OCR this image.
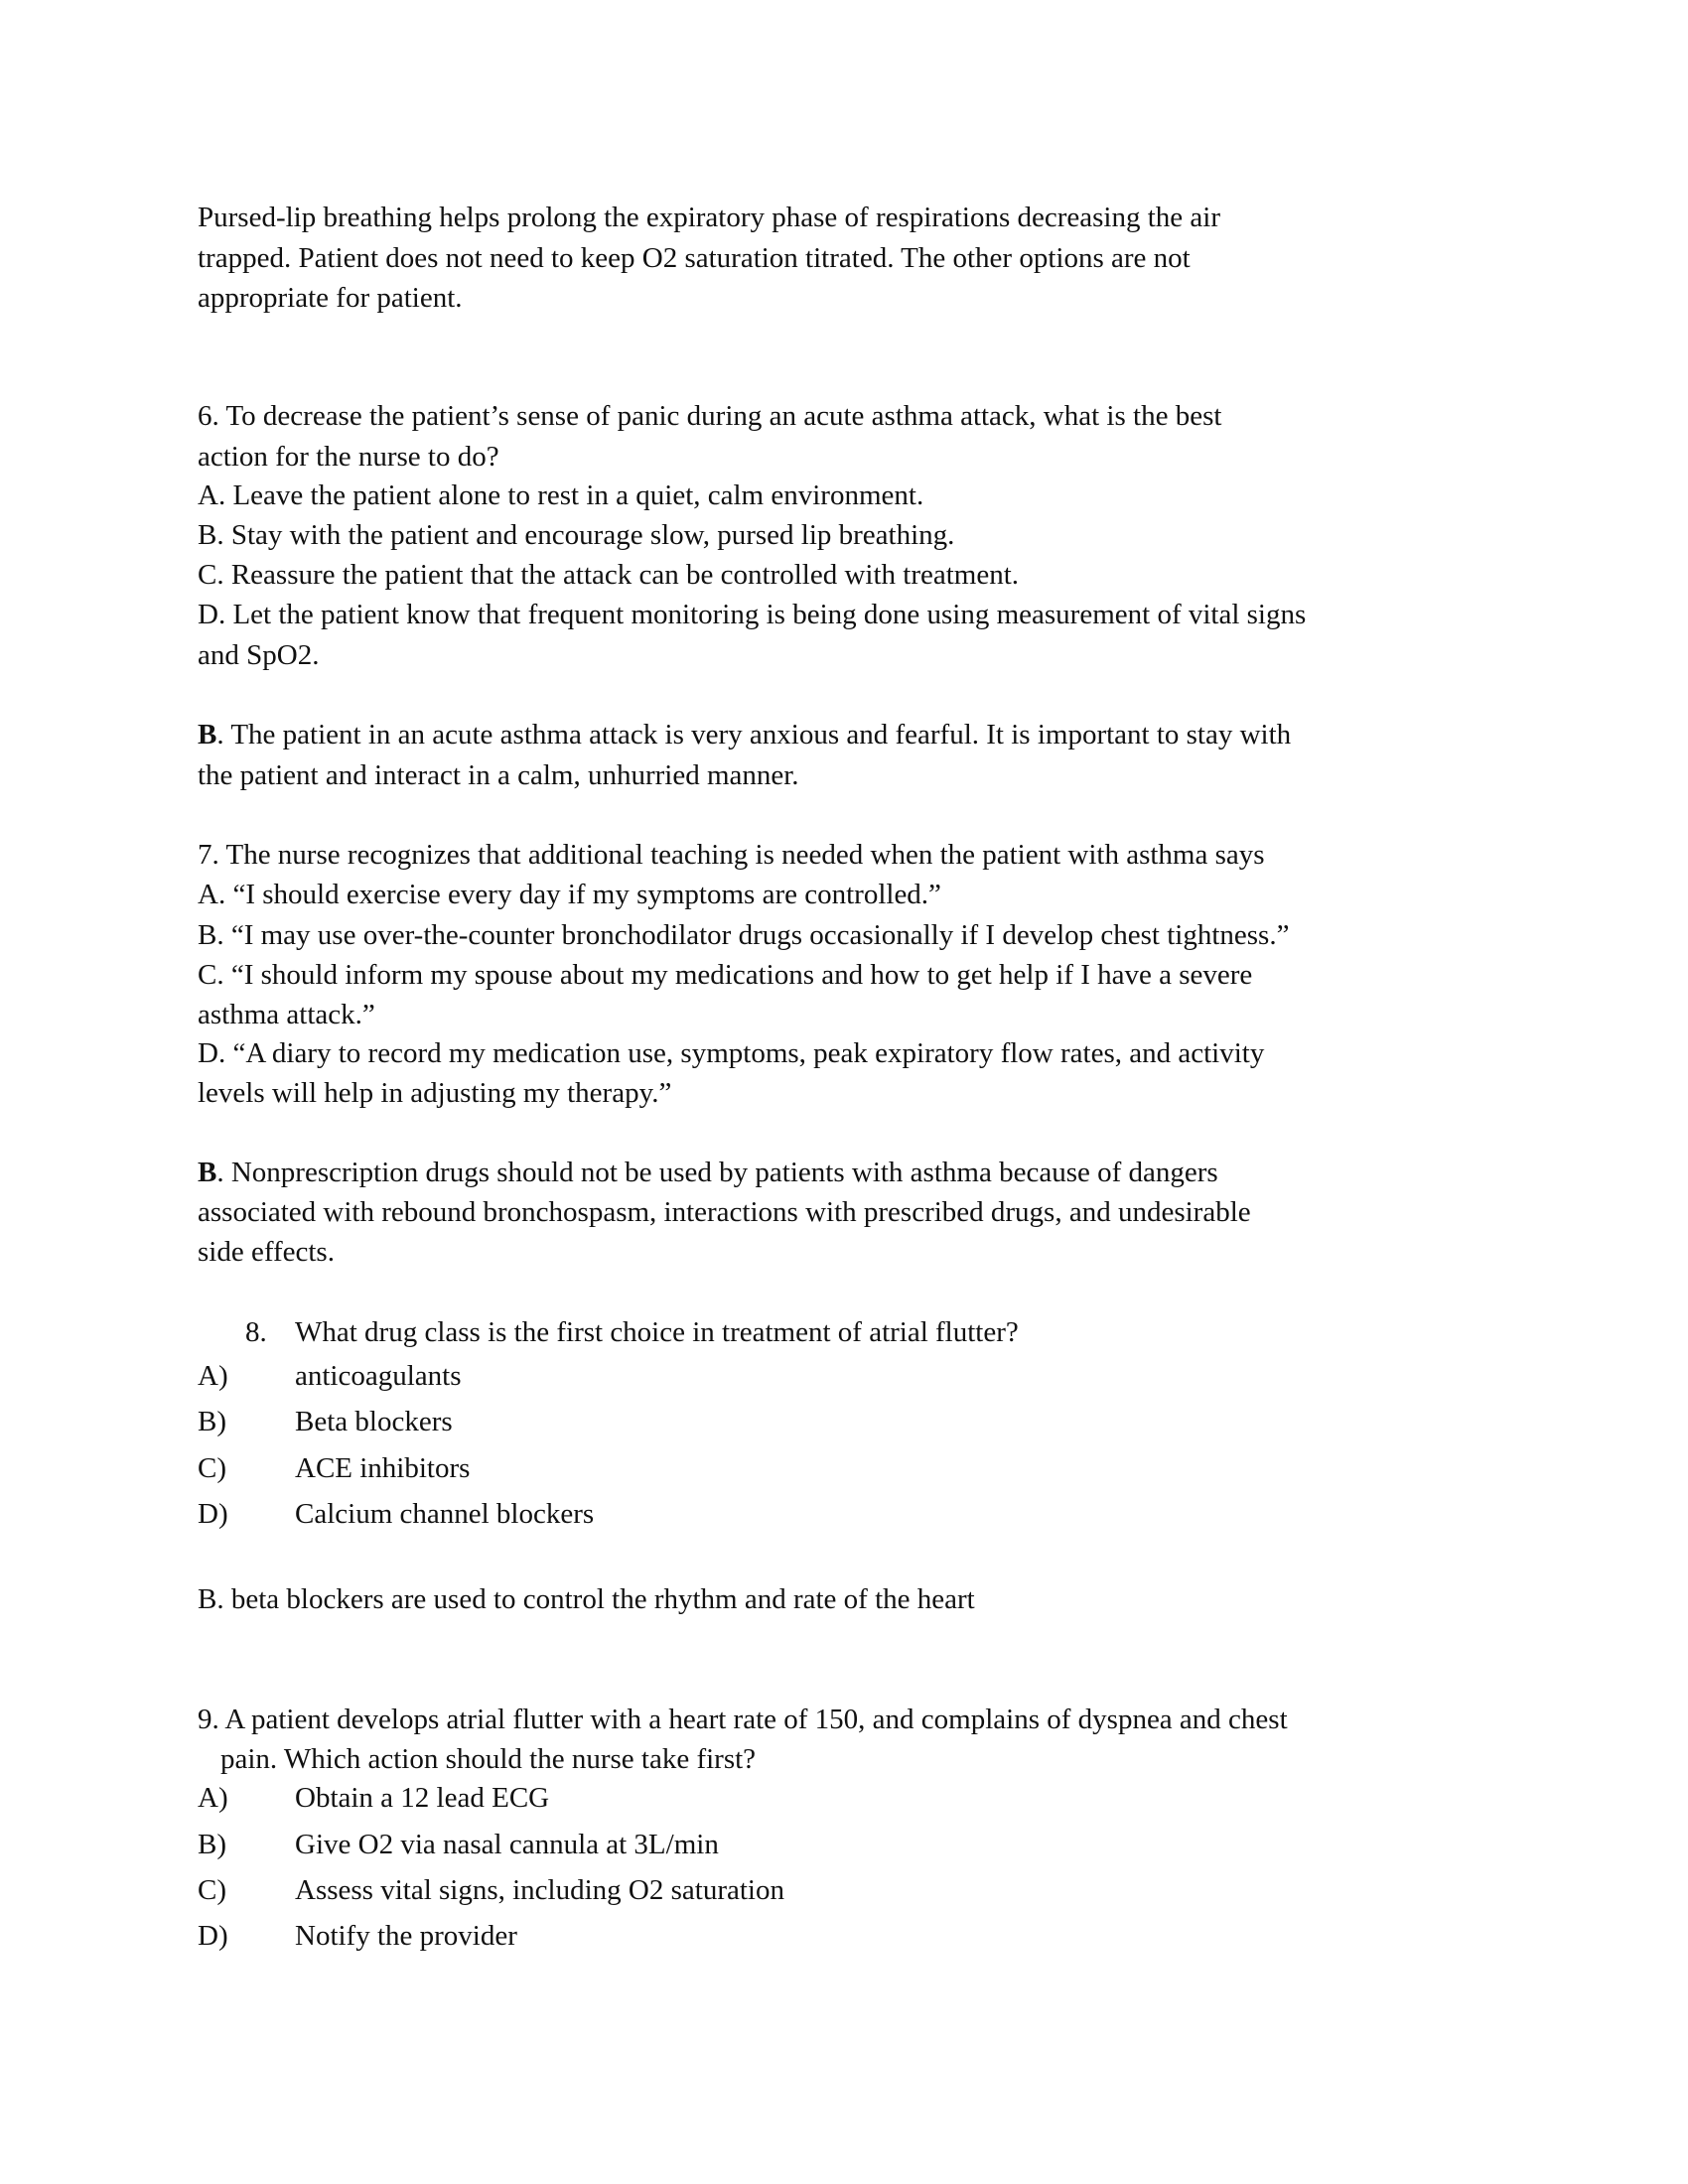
Pursed-lip breathing helps prolong the expiratory phase of respirations decreasing the air
trapped. Patient does not need to keep O2 saturation titrated. The other options are not
appropriate for patient.
6. To decrease the patient’s sense of panic during an acute asthma attack, what is the best
action for the nurse to do?
A. Leave the patient alone to rest in a quiet, calm environment.
B. Stay with the patient and encourage slow, pursed lip breathing.
C. Reassure the patient that the attack can be controlled with treatment.
D. Let the patient know that frequent monitoring is being done using measurement of vital signs
and SpO2.
B. The patient in an acute asthma attack is very anxious and fearful. It is important to stay with
the patient and interact in a calm, unhurried manner.
7. The nurse recognizes that additional teaching is needed when the patient with asthma says
A. “I should exercise every day if my symptoms are controlled.”
B. “I may use over-the-counter bronchodilator drugs occasionally if I develop chest tightness.”
C. “I should inform my spouse about my medications and how to get help if I have a severe
asthma attack.”
D. “A diary to record my medication use, symptoms, peak expiratory flow rates, and activity
levels will help in adjusting my therapy.”
B. Nonprescription drugs should not be used by patients with asthma because of dangers
associated with rebound bronchospasm, interactions with prescribed drugs, and undesirable
side effects.
8. What drug class is the first choice in treatment of atrial flutter?
A) anticoagulants
B) Beta blockers
C) ACE inhibitors
D) Calcium channel blockers
B. beta blockers are used to control the rhythm and rate of the heart
9. A patient develops atrial flutter with a heart rate of 150, and complains of dyspnea and chest
pain. Which action should the nurse take first?
A) Obtain a 12 lead ECG
B) Give O2 via nasal cannula at 3L/min
C) Assess vital signs, including O2 saturation
D) Notify the provider
